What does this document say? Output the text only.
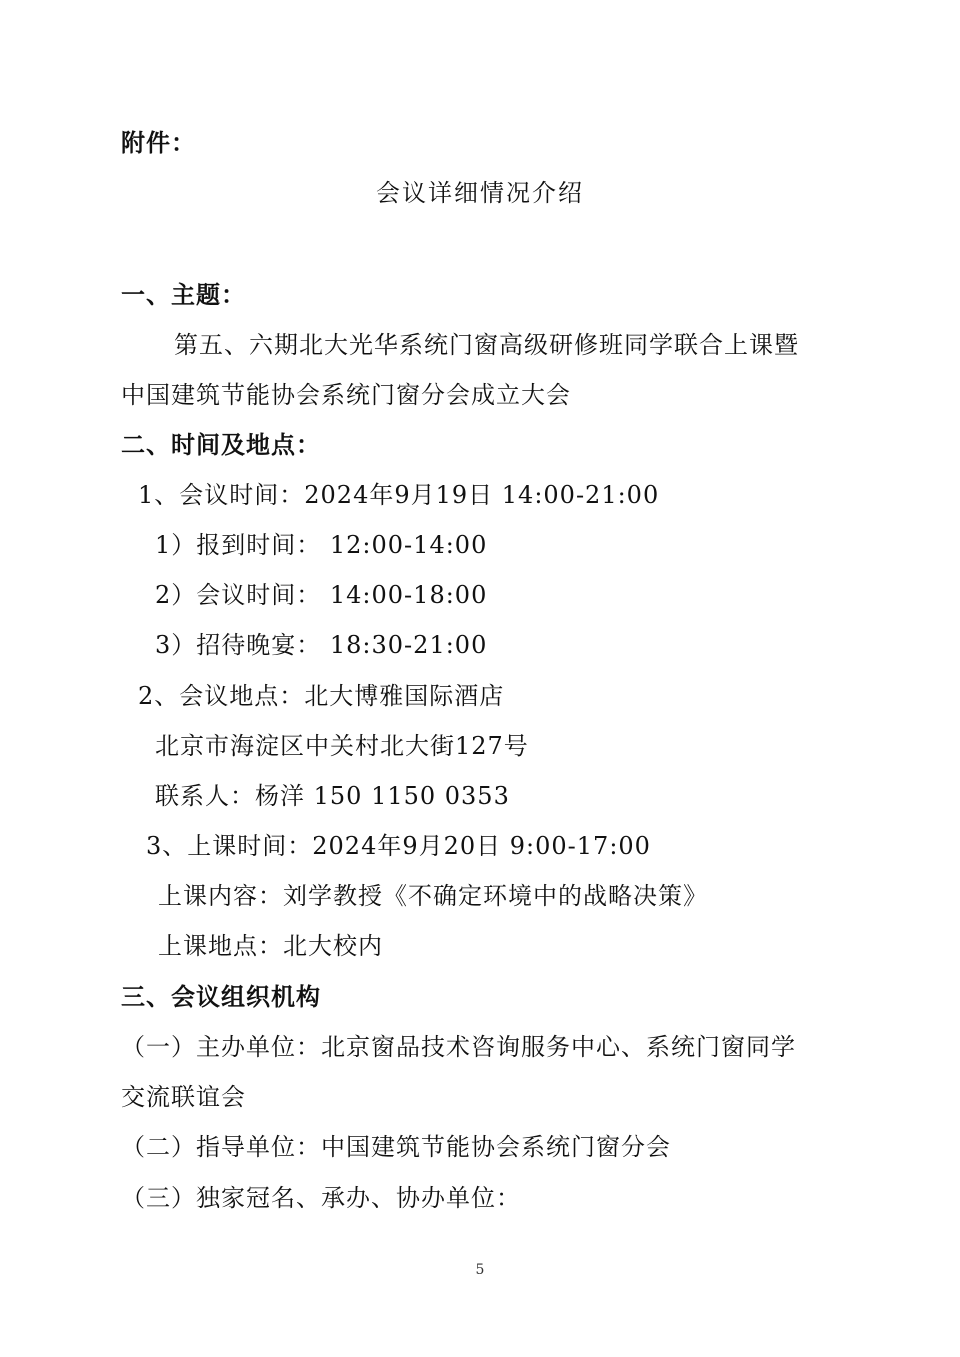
附件：
会议详细情况介绍
一、主题：
第五、六期北大光华系统门窗高级研修班同学联合上课暨
中国建筑节能协会系统门窗分会成立大会
二、时间及地点：
1、会议时间：2024年9月19日 14:00-21:00
1）报到时间： 12:00-14:00
2）会议时间： 14:00-18:00
3）招待晚宴： 18:30-21:00
2、会议地点：北大博雅国际酒店
北京市海淀区中关村北大街127号
联系人：杨洋 150 1150 0353
3、上课时间：2024年9月20日 9:00-17:00
上课内容：刘学教授《不确定环境中的战略决策》
上课地点：北大校内
三、会议组织机构
（一）主办单位：北京窗品技术咨询服务中心、系统门窗同学
交流联谊会
（二）指导单位：中国建筑节能协会系统门窗分会
（三）独家冠名、承办、协办单位：
5
